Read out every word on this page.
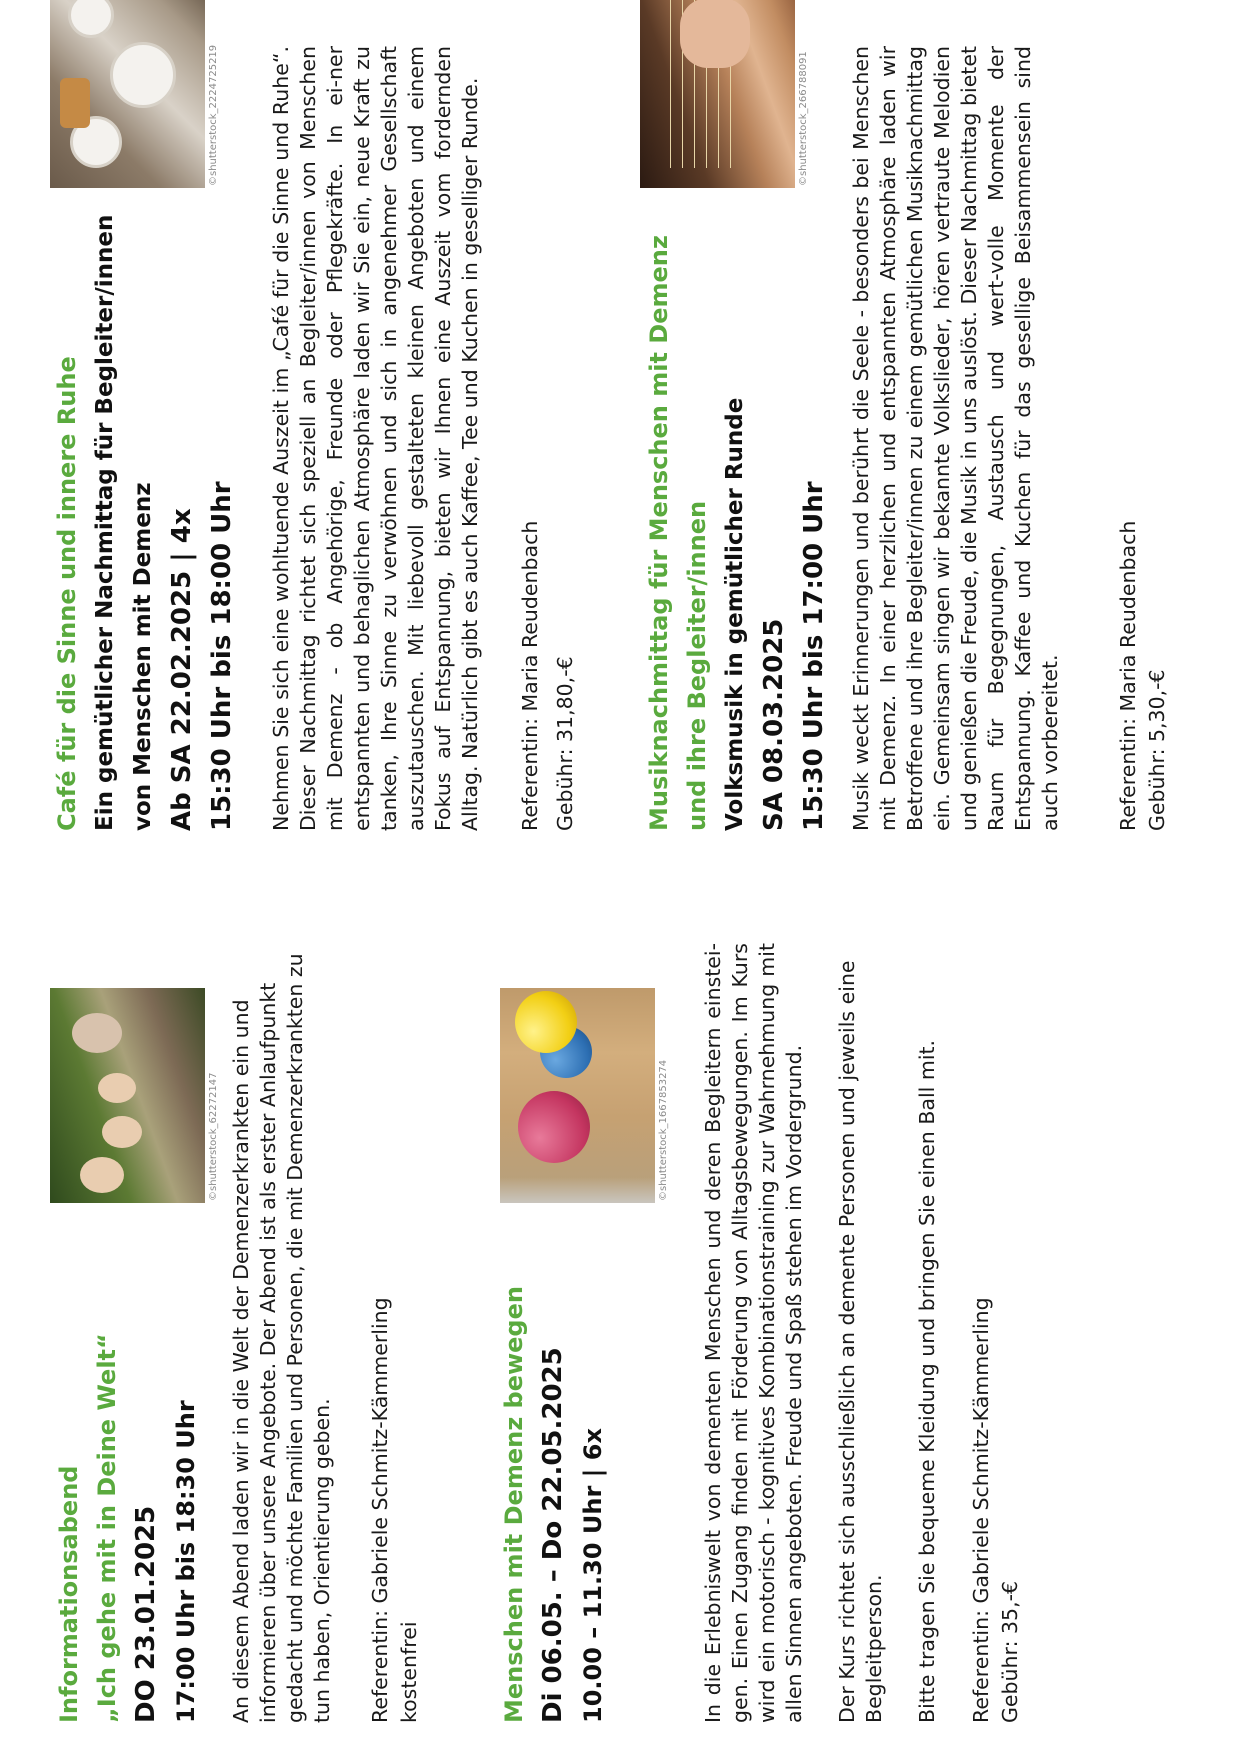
©shutterstock_62272147	©shutterstock_1667853274

Informationsabend „Ich gehe mit in Deine Welt“ DO 23.01.2025 17:00 Uhr bis 18:30 Uhr An diesem Abend laden wir in die Welt der Demenzerkrankten ein und informieren über unsere Angebote. Der Abend ist als erster Anlaufpunkt gedacht und möchte Familien und Personen, die mit Demenzerkrankten zu tun haben, Orientierung geben. Referentin: Gabriele Schmitz-Kämmerling kostenfrei	Menschen mit Demenz bewegen Di 06.05. – Do 22.05.2025 10.00 – 11.30 Uhr | 6x	In die Erlebniswelt von dementen Menschen und deren Begleitern einstei-gen. Einen Zugang finden mit Förderung von Alltagsbewegungen. Im Kurs wird ein motorisch - kognitives Kombinationstraining zur Wahrnehmung mit allen Sinnen angeboten. Freude und Spaß stehen im Vordergrund. Der Kurs richtet sich ausschließlich an demente Personen und jeweils eine Begleitperson. Bitte tragen Sie bequeme Kleidung und bringen Sie einen Ball mit. Referentin: Gabriele Schmitz-Kämmerling Gebühr: 35,-€

©shutterstock_2224725219	©shutterstock_266788091

Café für die Sinne und innere Ruhe Ein gemütlicher Nachmittag für Begleiter/innen von Menschen mit Demenz Ab SA 22.02.2025 | 4x 15:30 Uhr bis 18:00 Uhr Nehmen Sie sich eine wohltuende Auszeit im „Café für die Sinne und Ruhe“. Dieser Nachmittag richtet sich speziell an Begleiter/innen von Menschen mit Demenz - ob Angehörige, Freunde oder Pflegekräfte. In ei-ner entspannten und behaglichen Atmosphäre laden wir Sie ein, neue Kraft zu tanken, Ihre Sinne zu verwöhnen und sich in angenehmer Gesellschaft auszutauschen. Mit liebevoll gestalteten kleinen Angeboten und einem Fokus auf Entspannung, bieten wir Ihnen eine Auszeit vom fordernden Alltag. Natürlich gibt es auch Kaffee, Tee und Kuchen in geselliger Runde. Referentin: Maria Reudenbach Gebühr: 31,80,-€	Musiknachmittag für Menschen mit Demenz und ihre Begleiter/innen Volksmusik in gemütlicher Runde SA 08.03.2025 15:30 Uhr bis 17:00 Uhr Musik weckt Erinnerungen und berührt die Seele - besonders bei Menschen mit Demenz. In einer herzlichen und entspannten Atmosphäre laden wir Betroffene und ihre Begleiter/innen zu einem gemütlichen Musiknachmittag ein. Gemeinsam singen wir bekannte Volkslieder, hören vertraute Melodien und genießen die Freude, die Musik in uns auslöst. Dieser Nachmittag bietet Raum für Begegnungen, Austausch und wert-volle Momente der Entspannung. Kaffee und Kuchen für das gesellige Beisammensein sind auch vorbereitet.	Referentin: Maria Reudenbach Gebühr: 5,30,-€
